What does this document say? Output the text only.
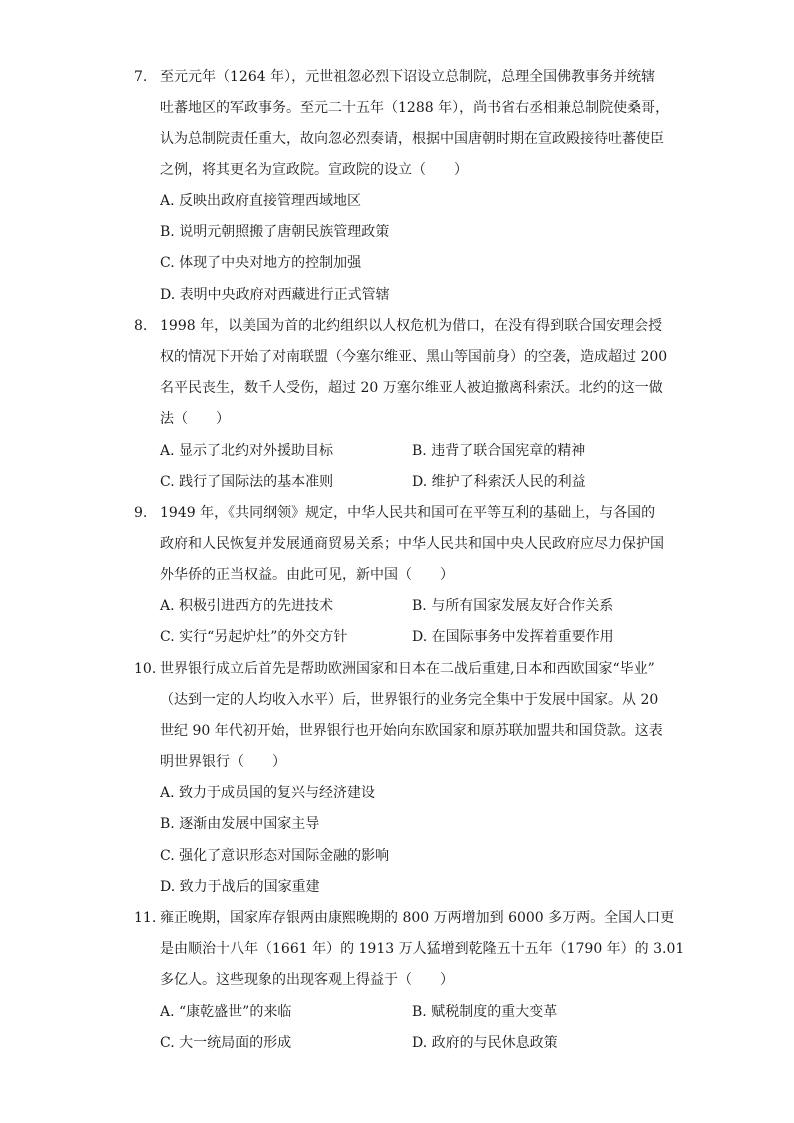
7. 至元元年（1264 年），元世祖忽必烈下诏设立总制院，总理全国佛教事务并统辖
吐蕃地区的军政事务。至元二十五年（1288 年），尚书省右丞相兼总制院使桑哥，
认为总制院责任重大，故向忽必烈奏请，根据中国唐朝时期在宣政殿接待吐蕃使臣
之例，将其更名为宣政院。宣政院的设立（　　）
A. 反映出政府直接管理西域地区
B. 说明元朝照搬了唐朝民族管理政策
C. 体现了中央对地方的控制加强
D. 表明中央政府对西藏进行正式管辖
8. 1998 年，以美国为首的北约组织以人权危机为借口，在没有得到联合国安理会授
权的情况下开始了对南联盟（今塞尔维亚、黑山等国前身）的空袭，造成超过 200
名平民丧生，数千人受伤，超过 20 万塞尔维亚人被迫撤离科索沃。北约的这一做
法（　　）
A. 显示了北约对外援助目标	B. 违背了联合国宪章的精神
C. 践行了国际法的基本准则	D. 维护了科索沃人民的利益
9. 1949 年，《共同纲领》规定，中华人民共和国可在平等互利的基础上，与各国的
政府和人民恢复并发展通商贸易关系；中华人民共和国中央人民政府应尽力保护国
外华侨的正当权益。由此可见，新中国（　　）
A. 积极引进西方的先进技术	B. 与所有国家发展友好合作关系
C. 实行“另起炉灶”的外交方针	D. 在国际事务中发挥着重要作用
10. 世界银行成立后首先是帮助欧洲国家和日本在二战后重建,日本和西欧国家“毕业”
（达到一定的人均收入水平）后，世界银行的业务完全集中于发展中国家。从 20
世纪 90 年代初开始，世界银行也开始向东欧国家和原苏联加盟共和国贷款。这表
明世界银行（　　）
A. 致力于成员国的复兴与经济建设
B. 逐渐由发展中国家主导
C. 强化了意识形态对国际金融的影响
D. 致力于战后的国家重建
11. 雍正晚期，国家库存银两由康熙晚期的 800 万两增加到 6000 多万两。全国人口更
是由顺治十八年（1661 年）的 1913 万人猛增到乾隆五十五年（1790 年）的 3.01
多亿人。这些现象的出现客观上得益于（　　）
A. “康乾盛世”的来临	B. 赋税制度的重大变革
C. 大一统局面的形成	D. 政府的与民休息政策
